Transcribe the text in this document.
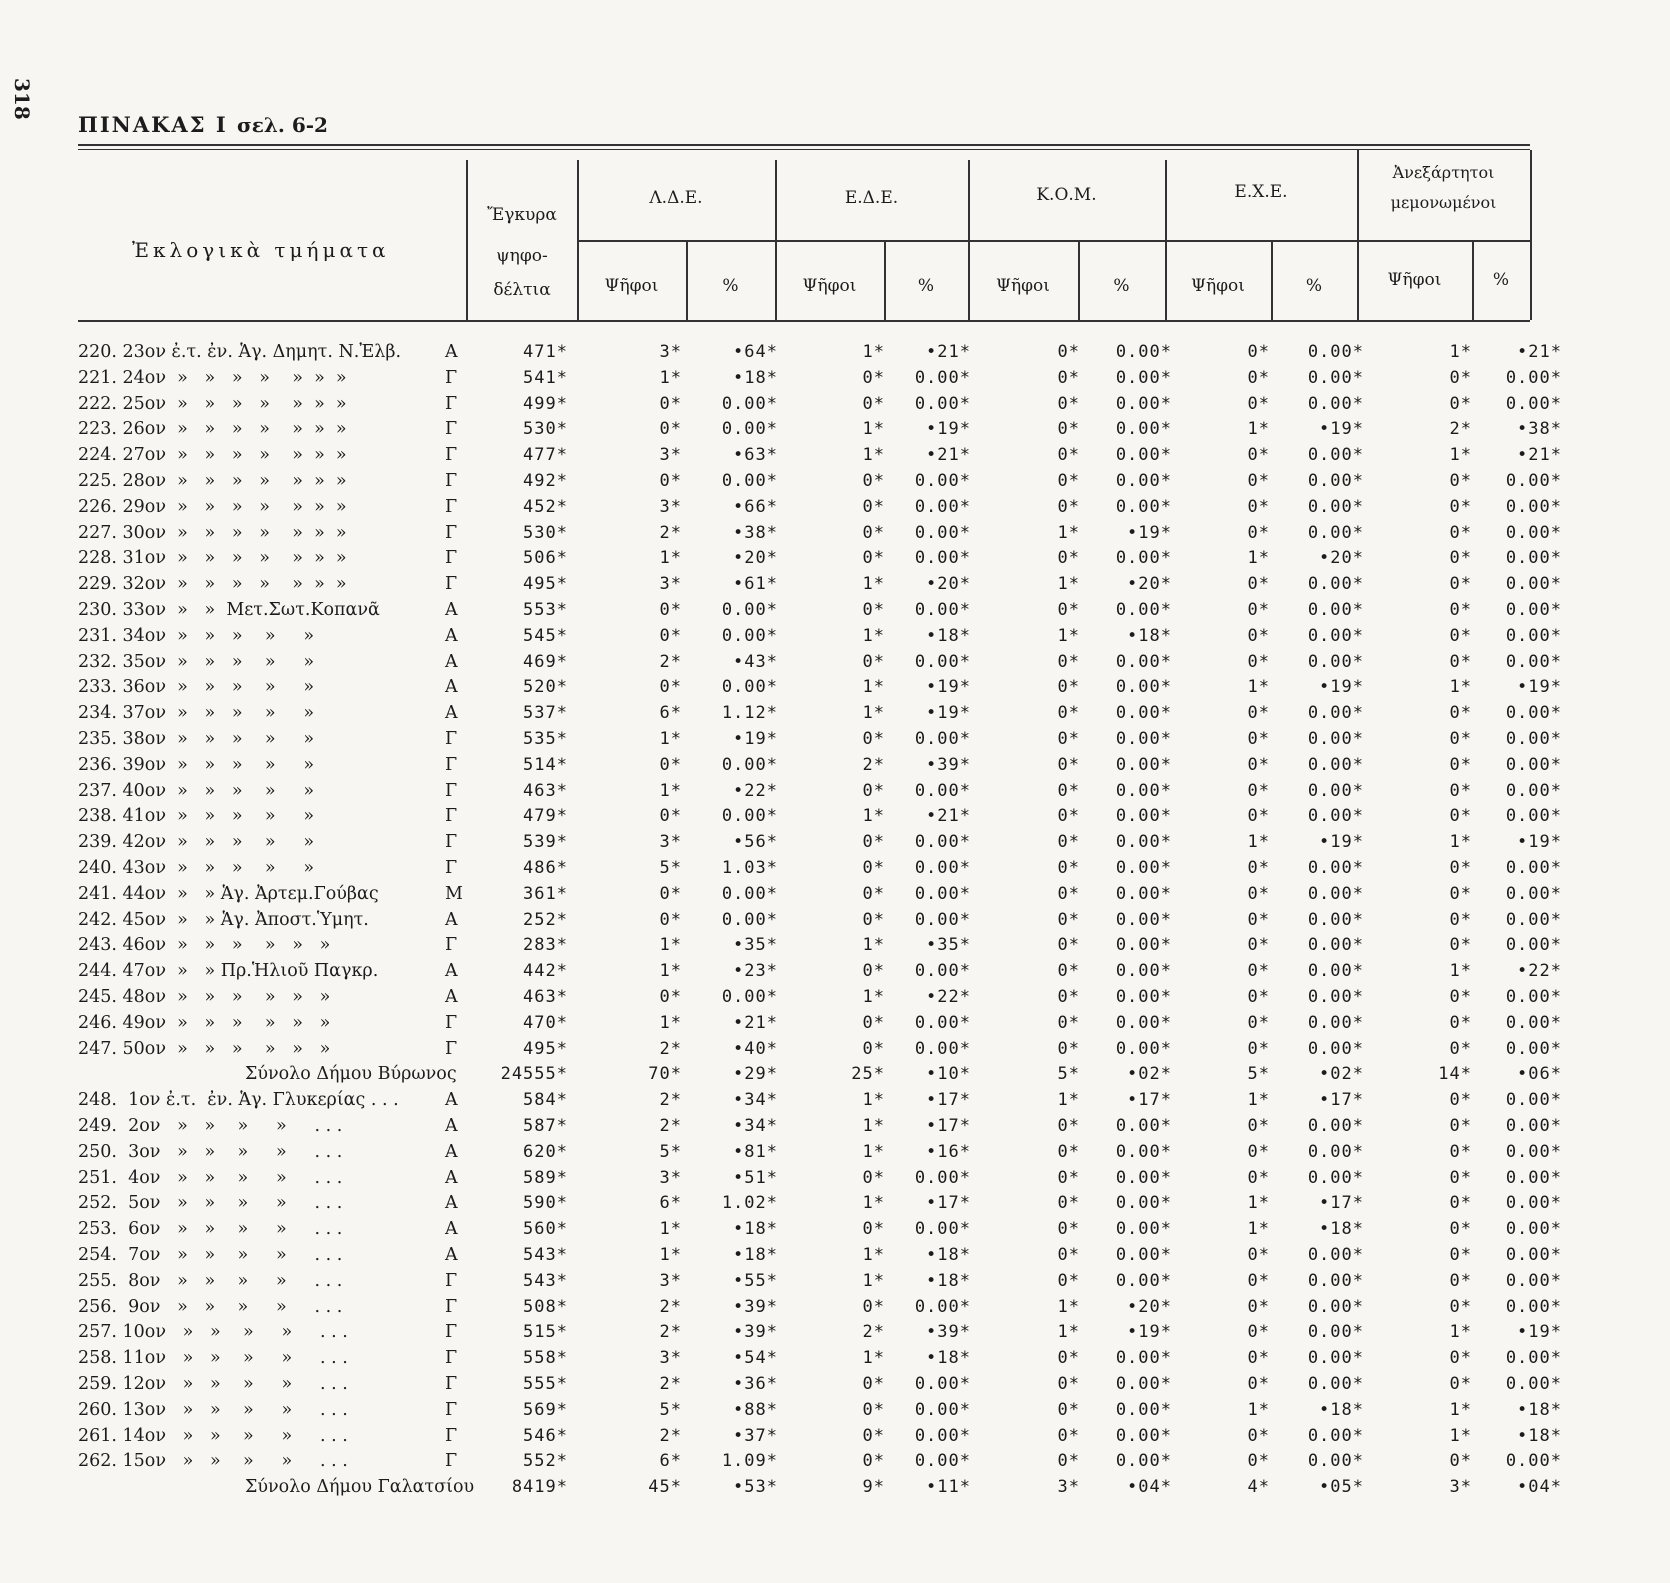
318
ΠΙΝΑΚΑΣ Ι σελ. 6-2
Ἐκλογικὰ τμήματα
Ἔγκυρα
ψηφο-
δέλτια
Λ.Δ.Ε.	Ε.Δ.Ε.	Κ.Ο.Μ.	Ε.Χ.Ε.
Ἀνεξάρτητοι
μεμονωμένοι
Ψῆφοι	%	Ψῆφοι	%	Ψῆφοι	%	Ψῆφοι	%	Ψῆφοι	%
220. 23ον ἐ.τ. ἐν. Ἁγ. Δημητ. Ν.Ἐλβ.	Α	471*	3*	•64*	1*	•21*	0*	0.00*	0*	0.00*	1*	•21*
221. 24ον  »   »   »   »    »  »  »	Γ	541*	1*	•18*	0*	0.00*	0*	0.00*	0*	0.00*	0*	0.00*
222. 25ον  »   »   »   »    »  »  »	Γ	499*	0*	0.00*	0*	0.00*	0*	0.00*	0*	0.00*	0*	0.00*
223. 26ον  »   »   »   »    »  »  »	Γ	530*	0*	0.00*	1*	•19*	0*	0.00*	1*	•19*	2*	•38*
224. 27ον  »   »   »   »    »  »  »	Γ	477*	3*	•63*	1*	•21*	0*	0.00*	0*	0.00*	1*	•21*
225. 28ον  »   »   »   »    »  »  »	Γ	492*	0*	0.00*	0*	0.00*	0*	0.00*	0*	0.00*	0*	0.00*
226. 29ον  »   »   »   »    »  »  »	Γ	452*	3*	•66*	0*	0.00*	0*	0.00*	0*	0.00*	0*	0.00*
227. 30ον  »   »   »   »    »  »  »	Γ	530*	2*	•38*	0*	0.00*	1*	•19*	0*	0.00*	0*	0.00*
228. 31ον  »   »   »   »    »  »  »	Γ	506*	1*	•20*	0*	0.00*	0*	0.00*	1*	•20*	0*	0.00*
229. 32ον  »   »   »   »    »  »  »	Γ	495*	3*	•61*	1*	•20*	1*	•20*	0*	0.00*	0*	0.00*
230. 33ον  »   »  Μετ.Σωτ.Κοπανᾶ	Α	553*	0*	0.00*	0*	0.00*	0*	0.00*	0*	0.00*	0*	0.00*
231. 34ον  »   »   »    »     »	Α	545*	0*	0.00*	1*	•18*	1*	•18*	0*	0.00*	0*	0.00*
232. 35ον  »   »   »    »     »	Α	469*	2*	•43*	0*	0.00*	0*	0.00*	0*	0.00*	0*	0.00*
233. 36ον  »   »   »    »     »	Α	520*	0*	0.00*	1*	•19*	0*	0.00*	1*	•19*	1*	•19*
234. 37ον  »   »   »    »     »	Α	537*	6*	1.12*	1*	•19*	0*	0.00*	0*	0.00*	0*	0.00*
235. 38ον  »   »   »    »     »	Γ	535*	1*	•19*	0*	0.00*	0*	0.00*	0*	0.00*	0*	0.00*
236. 39ον  »   »   »    »     »	Γ	514*	0*	0.00*	2*	•39*	0*	0.00*	0*	0.00*	0*	0.00*
237. 40ον  »   »   »    »     »	Γ	463*	1*	•22*	0*	0.00*	0*	0.00*	0*	0.00*	0*	0.00*
238. 41ον  »   »   »    »     »	Γ	479*	0*	0.00*	1*	•21*	0*	0.00*	0*	0.00*	0*	0.00*
239. 42ον  »   »   »    »     »	Γ	539*	3*	•56*	0*	0.00*	0*	0.00*	1*	•19*	1*	•19*
240. 43ον  »   »   »    »     »	Γ	486*	5*	1.03*	0*	0.00*	0*	0.00*	0*	0.00*	0*	0.00*
241. 44ον  »   » Ἁγ. Ἀρτεμ.Γούβας	Μ	361*	0*	0.00*	0*	0.00*	0*	0.00*	0*	0.00*	0*	0.00*
242. 45ον  »   » Ἁγ. Ἀποστ.Ὑμητ.	Α	252*	0*	0.00*	0*	0.00*	0*	0.00*	0*	0.00*	0*	0.00*
243. 46ον  »   »   »    »   »   »	Γ	283*	1*	•35*	1*	•35*	0*	0.00*	0*	0.00*	0*	0.00*
244. 47ον  »   » Πρ.Ἡλιοῦ Παγκρ.	Α	442*	1*	•23*	0*	0.00*	0*	0.00*	0*	0.00*	1*	•22*
245. 48ον  »   »   »    »   »   »	Α	463*	0*	0.00*	1*	•22*	0*	0.00*	0*	0.00*	0*	0.00*
246. 49ον  »   »   »    »   »   »	Γ	470*	1*	•21*	0*	0.00*	0*	0.00*	0*	0.00*	0*	0.00*
247. 50ον  »   »   »    »   »   »	Γ	495*	2*	•40*	0*	0.00*	0*	0.00*	0*	0.00*	0*	0.00*
Σύνολο Δήμου Βύρωνος	24555*	70*	•29*	25*	•10*	5*	•02*	5*	•02*	14*	•06*
248.  1ον ἐ.τ.  ἐν. Ἁγ. Γλυκερίας . . .	Α	584*	2*	•34*	1*	•17*	1*	•17*	1*	•17*	0*	0.00*
249.  2ον   »   »    »     »     . . .	Α	587*	2*	•34*	1*	•17*	0*	0.00*	0*	0.00*	0*	0.00*
250.  3ον   »   »    »     »     . . .	Α	620*	5*	•81*	1*	•16*	0*	0.00*	0*	0.00*	0*	0.00*
251.  4ον   »   »    »     »     . . .	Α	589*	3*	•51*	0*	0.00*	0*	0.00*	0*	0.00*	0*	0.00*
252.  5ον   »   »    »     »     . . .	Α	590*	6*	1.02*	1*	•17*	0*	0.00*	1*	•17*	0*	0.00*
253.  6ον   »   »    »     »     . . .	Α	560*	1*	•18*	0*	0.00*	0*	0.00*	1*	•18*	0*	0.00*
254.  7ον   »   »    »     »     . . .	Α	543*	1*	•18*	1*	•18*	0*	0.00*	0*	0.00*	0*	0.00*
255.  8ον   »   »    »     »     . . .	Γ	543*	3*	•55*	1*	•18*	0*	0.00*	0*	0.00*	0*	0.00*
256.  9ον   »   »    »     »     . . .	Γ	508*	2*	•39*	0*	0.00*	1*	•20*	0*	0.00*	0*	0.00*
257. 10ον   »   »    »     »     . . .	Γ	515*	2*	•39*	2*	•39*	1*	•19*	0*	0.00*	1*	•19*
258. 11ον   »   »    »     »     . . .	Γ	558*	3*	•54*	1*	•18*	0*	0.00*	0*	0.00*	0*	0.00*
259. 12ον   »   »    »     »     . . .	Γ	555*	2*	•36*	0*	0.00*	0*	0.00*	0*	0.00*	0*	0.00*
260. 13ον   »   »    »     »     . . .	Γ	569*	5*	•88*	0*	0.00*	0*	0.00*	1*	•18*	1*	•18*
261. 14ον   »   »    »     »     . . .	Γ	546*	2*	•37*	0*	0.00*	0*	0.00*	0*	0.00*	1*	•18*
262. 15ον   »   »    »     »     . . .	Γ	552*	6*	1.09*	0*	0.00*	0*	0.00*	0*	0.00*	0*	0.00*
Σύνολο Δήμου Γαλατσίου	8419*	45*	•53*	9*	•11*	3*	•04*	4*	•05*	3*	•04*
